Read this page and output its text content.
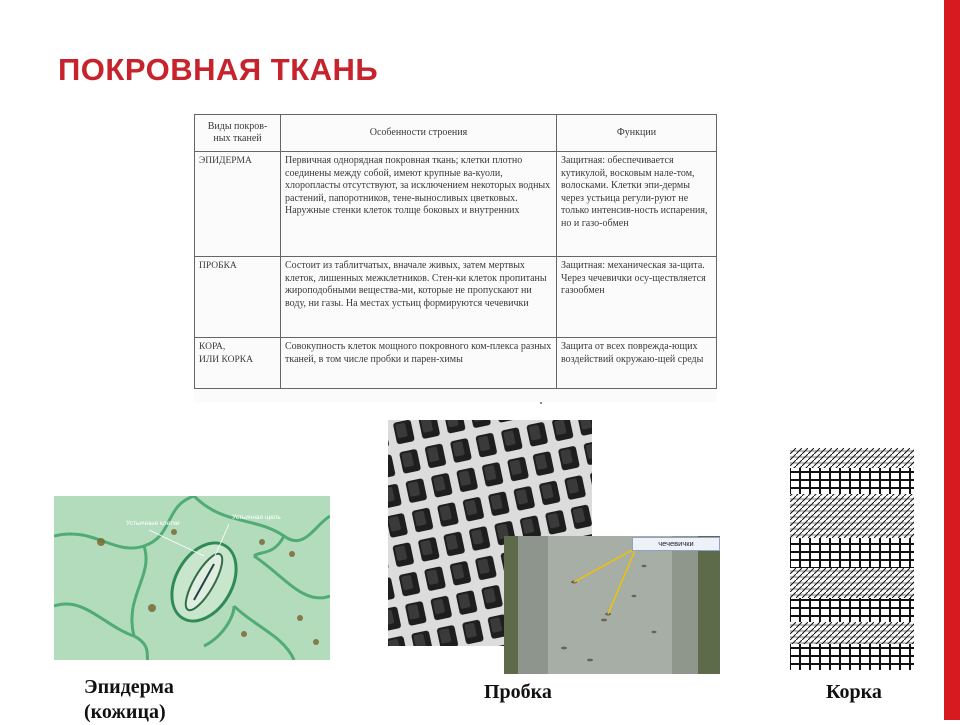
ПОКРОВНАЯ ТКАНЬ
Виды покров-
ных тканей	Особенности строения	Функции
ЭПИДЕРМА	Первичная однорядная покровная ткань; клетки плотно соединены между собой, имеют крупные ва-куоли, хлоропласты отсутствуют, за исключением некоторых водных растений, папоротников, тене-выносливых цветковых. Наружные стенки клеток толще боковых и внутренних	Защитная: обеспечивается кутикулой, восковым нале-том, волосками. Клетки эпи-дермы через устьица регули-руют не только интенсив-ность испарения, но и газо-обмен
ПРОБКА	Состоит из таблитчатых, вначале живых, затем мертвых клеток, лишенных межклетников. Стен-ки клеток пропитаны жироподобными вещества-ми, которые не пропускают ни воду, ни газы. На местах устьиц формируются чечевички	Защитная: механическая за-щита. Через чечевички осу-ществляется газообмен
КОРА,
ИЛИ КОРКА	Совокупность клеток мощного покровного ком-плекса разных тканей, в том числе пробки и парен-химы	Защита от всех поврежда-ющих воздействий окружаю-щей среды
Устьичные клетки
Устьичная щель
чечевички
Эпидерма
(кожица)
Пробка	Корка
